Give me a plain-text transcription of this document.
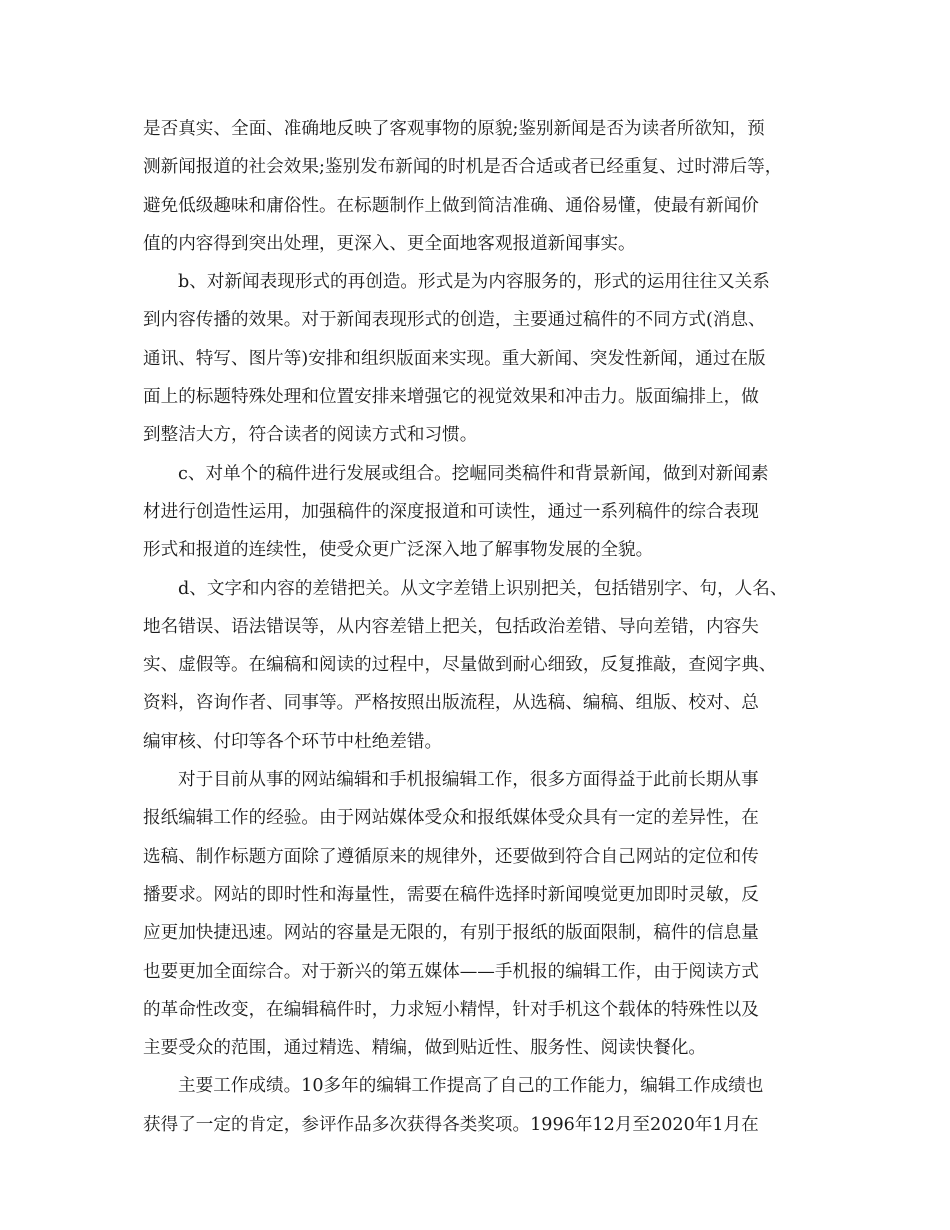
是否真实、全面、准确地反映了客观事物的原貌;鉴别新闻是否为读者所欲知，预
测新闻报道的社会效果;鉴别发布新闻的时机是否合适或者已经重复、过时滞后等，
避免低级趣味和庸俗性。在标题制作上做到简洁准确、通俗易懂，使最有新闻价
值的内容得到突出处理，更深入、更全面地客观报道新闻事实。
b、对新闻表现形式的再创造。形式是为内容服务的，形式的运用往往又关系
到内容传播的效果。对于新闻表现形式的创造，主要通过稿件的不同方式(消息、
通讯、特写、图片等)安排和组织版面来实现。重大新闻、突发性新闻，通过在版
面上的标题特殊处理和位置安排来增强它的视觉效果和冲击力。版面编排上，做
到整洁大方，符合读者的阅读方式和习惯。
c、对单个的稿件进行发展或组合。挖崛同类稿件和背景新闻，做到对新闻素
材进行创造性运用，加强稿件的深度报道和可读性，通过一系列稿件的综合表现
形式和报道的连续性，使受众更广泛深入地了解事物发展的全貌。
d、文字和内容的差错把关。从文字差错上识别把关，包括错别字、句，人名、
地名错误、语法错误等，从内容差错上把关，包括政治差错、导向差错，内容失
实、虚假等。在编稿和阅读的过程中，尽量做到耐心细致，反复推敲，查阅字典、
资料，咨询作者、同事等。严格按照出版流程，从选稿、编稿、组版、校对、总
编审核、付印等各个环节中杜绝差错。
对于目前从事的网站编辑和手机报编辑工作，很多方面得益于此前长期从事
报纸编辑工作的经验。由于网站媒体受众和报纸媒体受众具有一定的差异性，在
选稿、制作标题方面除了遵循原来的规律外，还要做到符合自己网站的定位和传
播要求。网站的即时性和海量性，需要在稿件选择时新闻嗅觉更加即时灵敏，反
应更加快捷迅速。网站的容量是无限的，有别于报纸的版面限制，稿件的信息量
也要更加全面综合。对于新兴的第五媒体——手机报的编辑工作，由于阅读方式
的革命性改变，在编辑稿件时，力求短小精悍，针对手机这个载体的特殊性以及
主要受众的范围，通过精选、精编，做到贴近性、服务性、阅读快餐化。
主要工作成绩。10多年的编辑工作提高了自己的工作能力，编辑工作成绩也
获得了一定的肯定，参评作品多次获得各类奖项。1996年12月至2020年1月在
